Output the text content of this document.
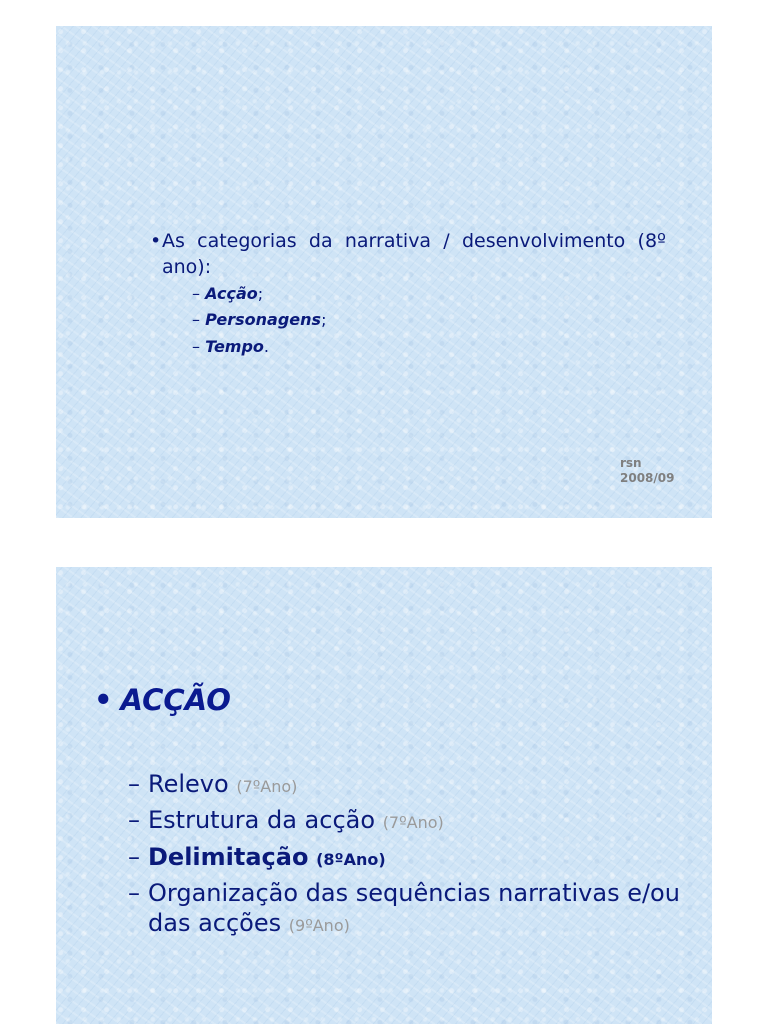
• As categorias da narrativa / desenvolvimento (8º ano):
– Acção;
– Personagens;
– Tempo.
rsn
2008/09
• ACÇÃO
– Relevo (7ºAno)
– Estrutura da acção (7ºAno)
– Delimitação (8ºAno)
– Organização das sequências narrativas e/ou
das acções (9ºAno)
